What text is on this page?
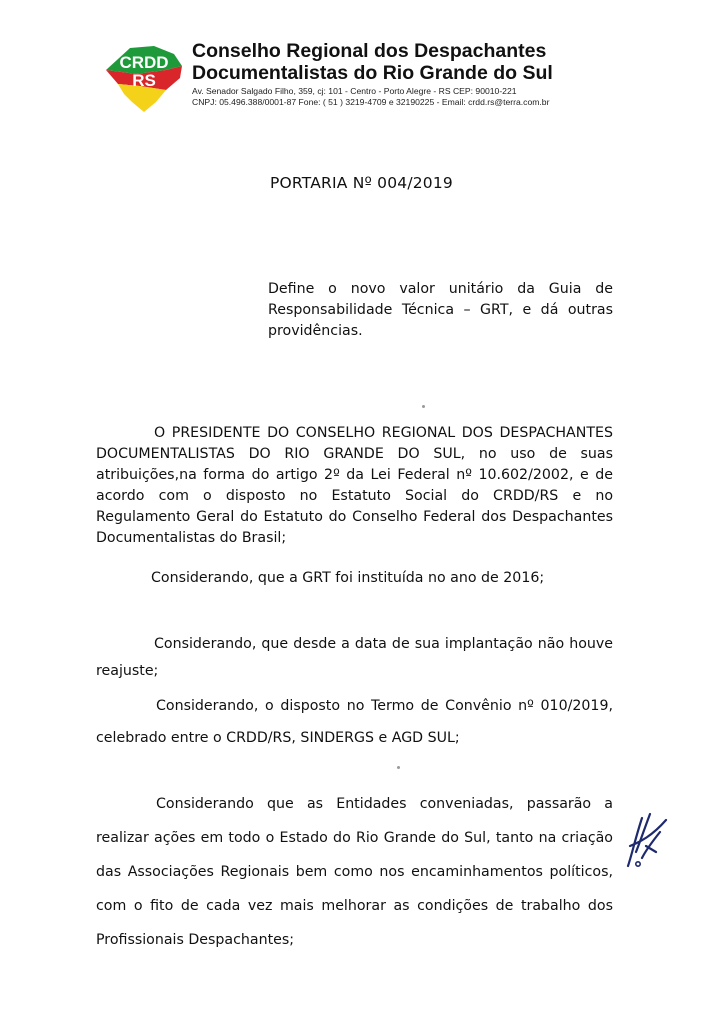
CRDD
RS
Conselho Regional dos Despachantes
Documentalistas do Rio Grande do Sul
Av. Senador Salgado Filho, 359, cj: 101 - Centro - Porto Alegre - RS CEP: 90010-221
CNPJ: 05.496.388/0001-87 Fone: ( 51 ) 3219-4709 e 32190225 - Email: crdd.rs@terra.com.br
PORTARIA Nº 004/2019
Define o novo valor unitário da Guia de Responsabilidade Técnica – GRT, e dá outras providências.
O PRESIDENTE DO CONSELHO REGIONAL DOS DESPACHANTES DOCUMENTALISTAS DO RIO GRANDE DO SUL, no uso de suas atribuições,na forma do artigo 2º da Lei Federal nº 10.602/2002, e de acordo com o disposto no Estatuto Social do CRDD/RS e no Regulamento Geral do Estatuto do Conselho Federal dos Despachantes Documentalistas do Brasil;
Considerando, que a GRT foi instituída no ano de 2016;
Considerando, que desde a data de sua implantação não houve reajuste;
Considerando, o disposto no Termo de Convênio nº 010/2019, celebrado entre o CRDD/RS, SINDERGS e AGD SUL;
Considerando que as Entidades conveniadas, passarão a realizar ações em todo o Estado do Rio Grande do Sul, tanto na criação das Associações Regionais bem como nos encaminhamentos políticos, com o fito de cada vez mais melhorar as condições de trabalho dos Profissionais Despachantes;
